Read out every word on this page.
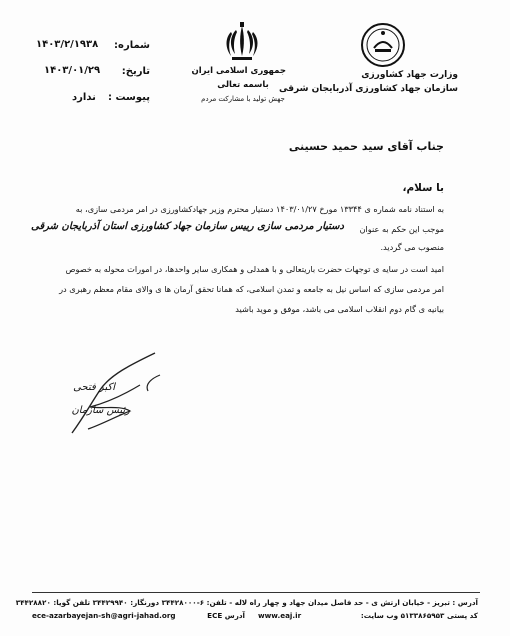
شماره:
۱۴۰۳/۲/۱۹۳۸
تاریخ:
۱۴۰۳/۰۱/۲۹
پیوست :
ندارد
جمهوری اسلامی ایران
باسمه تعالی
جهش تولید با مشارکت مردم
وزارت جهاد کشاورزی
سازمان جهاد کشاورزی آذربایجان شرقی
جناب آقای سید حمید حسینی
با سلام،
به استناد نامه شماره ی ۱۳۳۴۴ مورخ ۱۴۰۳/۰۱/۲۷ دستیار محترم وزیر جهادکشاورزی در امر مردمی سازی، به
موجب این حکم به عنوان
دستیار مردمی سازی رییس سازمان جهاد کشاورزی استان آذربایجان شرقی
منصوب می گردید.
امید است در سایه ی توجهات حضرت باریتعالی و با همدلی و همکاری سایر واحدها، در امورات محوله به خصوص
امر مردمی سازی که اساس نیل به جامعه و تمدن اسلامی، که همانا تحقق آرمان ها ی والای مقام معظم رهبری در
بیانیه ی گام دوم انقلاب اسلامی می باشد، موفق و موید باشید
اکبر فتحی
رئیس سازمان
آدرس : تبریز - خیابان ارتش ی - حد فاصل میدان جهاد و چهار راه لاله - تلفن: ۶-۳۴۴۲۸۰۰۰ دورنگار: ۳۴۴۲۹۹۴۰ تلفن گویا: ۳۴۴۲۸۸۲۰
کد پستی ۵۱۳۳۸۶۵۹۵۳ وب سایت:
www.eaj.ir
آدرس ECE
ece-azarbayejan-sh@agri-jahad.org
